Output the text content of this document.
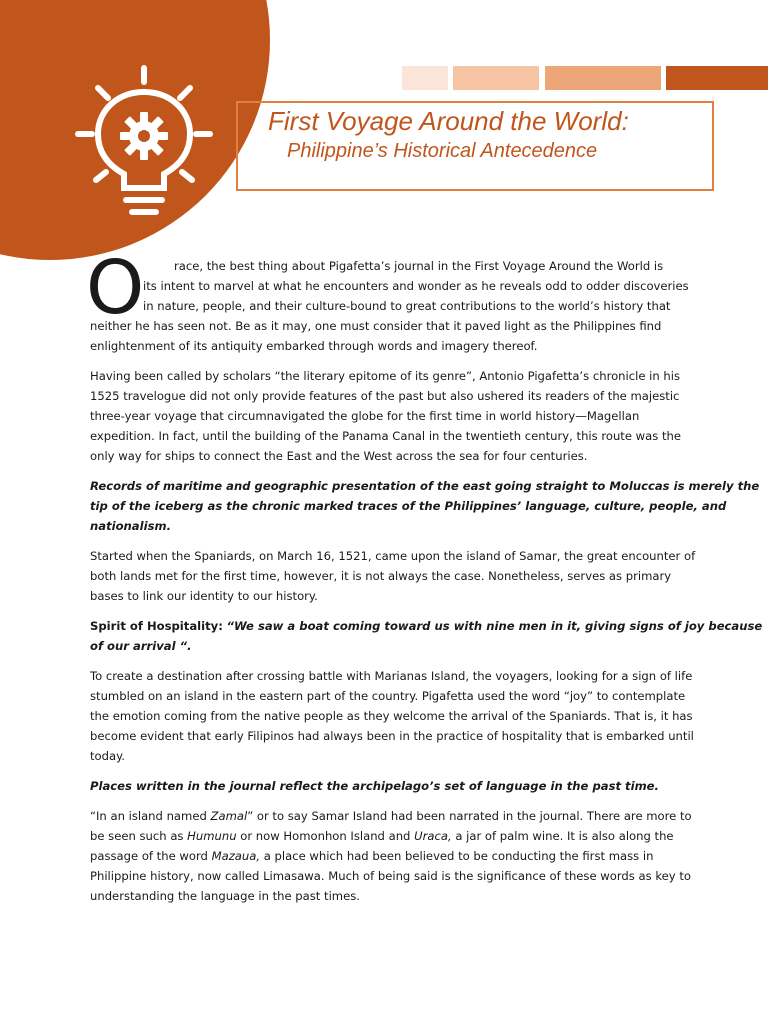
First Voyage Around the World:
Philippine’s Historical Antecedence
O	race, the best thing about Pigafetta’s journal in the First Voyage Around the World is
its intent to marvel at what he encounters and wonder as he reveals odd to odder discoveries
in nature, people, and their culture-bound to great contributions to the world’s history that
neither he has seen not. Be as it may, one must consider that it paved light as the Philippines find
enlightenment of its antiquity embarked through words and imagery thereof.
Having been called by scholars “the literary epitome of its genre”, Antonio Pigafetta’s chronicle in his
1525 travelogue did not only provide features of the past but also ushered its readers of the majestic
three-year voyage that circumnavigated the globe for the first time in world history—Magellan
expedition. In fact, until the building of the Panama Canal in the twentieth century, this route was the
only way for ships to connect the East and the West across the sea for four centuries.
Records of maritime and geographic presentation of the east going straight to Moluccas is merely the
tip of the iceberg as the chronic marked traces of the Philippines’ language, culture, people, and
nationalism.
Started when the Spaniards, on March 16, 1521, came upon the island of Samar, the great encounter of
both lands met for the first time, however, it is not always the case. Nonetheless, serves as primary
bases to link our identity to our history.
Spirit of Hospitality: “We saw a boat coming toward us with nine men in it, giving signs of joy because
of our arrival “.
To create a destination after crossing battle with Marianas Island, the voyagers, looking for a sign of life
stumbled on an island in the eastern part of the country. Pigafetta used the word “joy” to contemplate
the emotion coming from the native people as they welcome the arrival of the Spaniards. That is, it has
become evident that early Filipinos had always been in the practice of hospitality that is embarked until
today.
Places written in the journal reflect the archipelago’s set of language in the past time.
“In an island named Zamal” or to say Samar Island had been narrated in the journal. There are more to
be seen such as Humunu or now Homonhon Island and Uraca, a jar of palm wine. It is also along the
passage of the word Mazaua, a place which had been believed to be conducting the first mass in
Philippine history, now called Limasawa. Much of being said is the significance of these words as key to
understanding the language in the past times.
